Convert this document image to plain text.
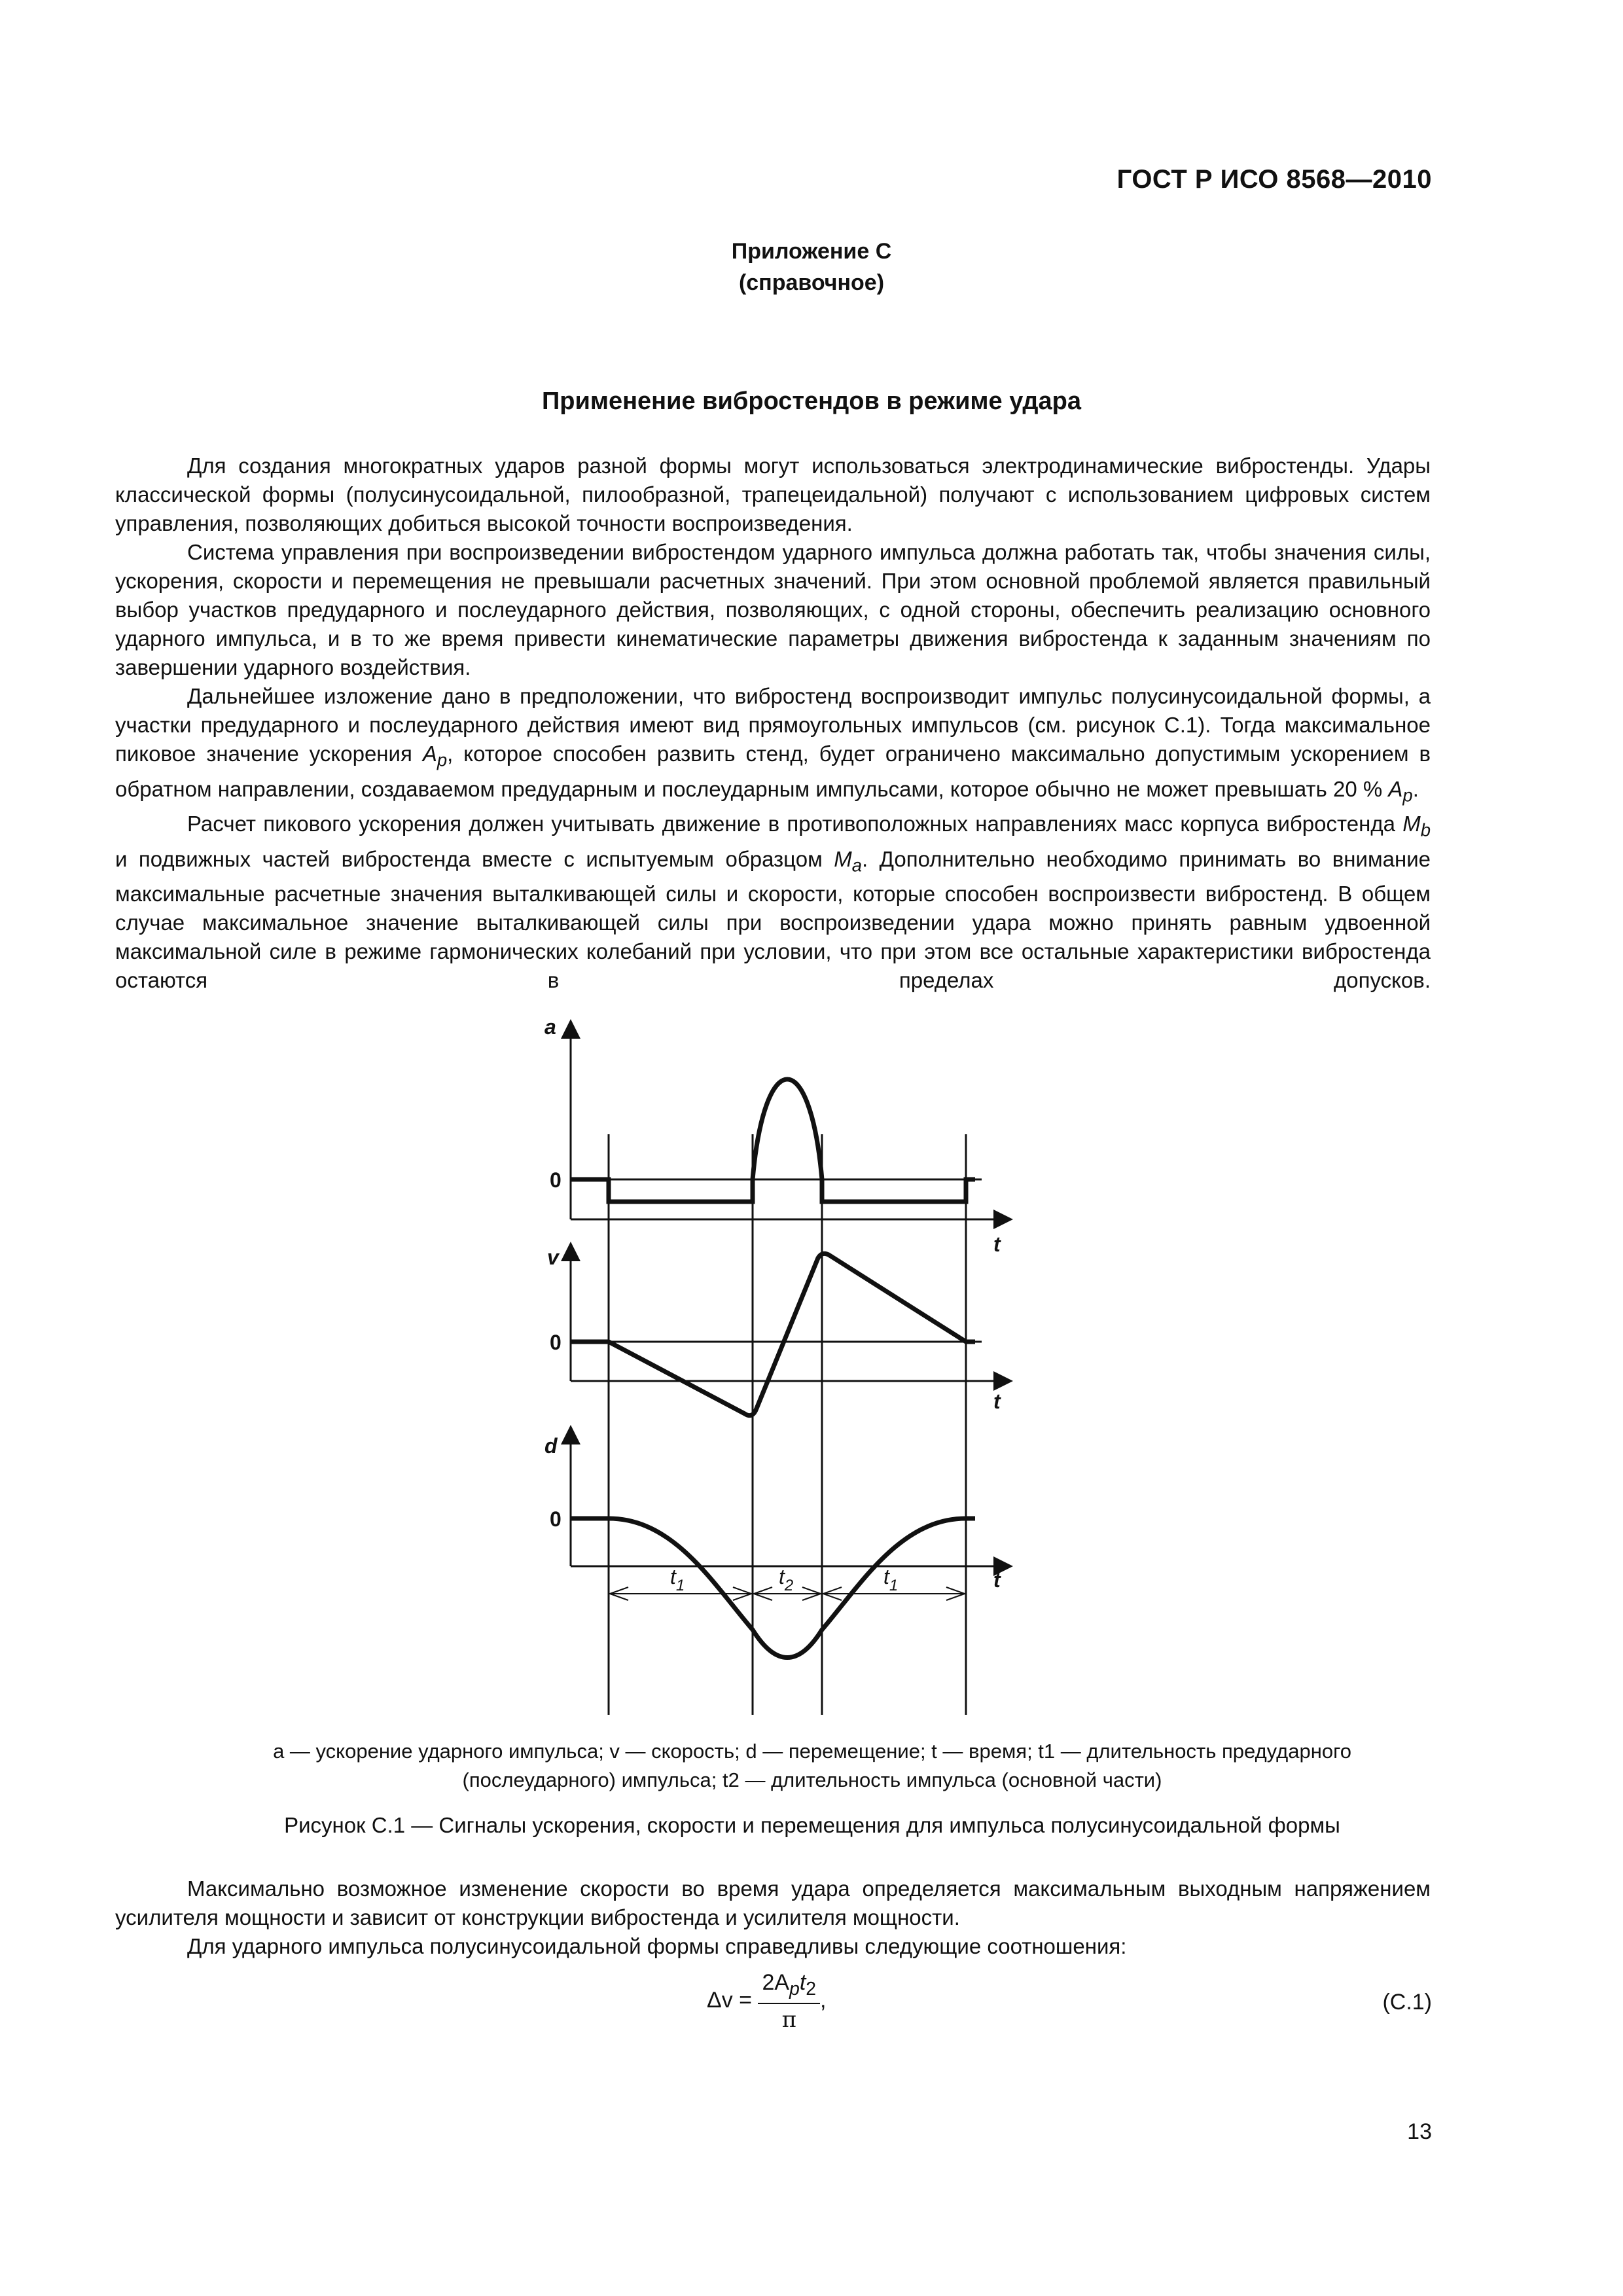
ГОСТ Р ИСО 8568—2010
Приложение С
(справочное)
Применение вибростендов в режиме удара

Для создания многократных ударов разной формы могут использоваться электродинамические вибростенды. Удары классической формы (полусинусоидальной, пилообразной, трапецеидальной) получают с использованием цифровых систем управления, позволяющих добиться высокой точности воспроизведения.

Система управления при воспроизведении вибростендом ударного импульса должна работать так, чтобы значения силы, ускорения, скорости и перемещения не превышали расчетных значений. При этом основной проблемой является правильный выбор участков предударного и послеударного действия, позволяющих, с одной стороны, обеспечить реализацию основного ударного импульса, и в то же время привести кинематические параметры движения вибростенда к заданным значениям по завершении ударного воздействия.

Дальнейшее изложение дано в предположении, что вибростенд воспроизводит импульс полусинусоидальной формы, а участки предударного и послеударного действия имеют вид прямоугольных импульсов (см. рисунок С.1). Тогда максимальное пиковое значение ускорения $A_p$, которое способен развить стенд, будет ограничено максимально допустимым ускорением в обратном направлении, создаваемом предударным и послеударным импульсами, которое обычно не может превышать 20 % $A_p$.

Расчет пикового ускорения должен учитывать движение в противоположных направлениях масс корпуса вибростенда $M_b$ и подвижных частей вибростенда вместе с испытуемым образцом $M_a$. Дополнительно необходимо принимать во внимание максимальные расчетные значения выталкивающей силы и скорости, которые способен воспроизвести вибростенд. В общем случае максимальное значение выталкивающей силы при воспроизведении удара можно принять равным удвоенной максимальной силе в режиме гармонических колебаний при условии, что при этом все остальные характеристики вибростенда остаются в пределах допусков.

a
0
t
v
0
t
d
0
t
$t_1$	$t_2$	$t_1$
a — ускорение ударного импульса; v — скорость; d — перемещение; t — время; t1 — длительность предударного
(послеударного) импульса; t2 — длительность импульса (основной части)
Рисунок С.1 — Сигналы ускорения, скорости и перемещения для импульса полусинусоидальной формы

Максимально возможное изменение скорости во время удара определяется максимальным выходным напряжением усилителя мощности и зависит от конструкции вибростенда и усилителя мощности.

Для ударного импульса полусинусоидальной формы справедливы следующие соотношения:

$\Delta v = \frac{2A_pt_2}{\pi}$ ,	(С.1)
13
